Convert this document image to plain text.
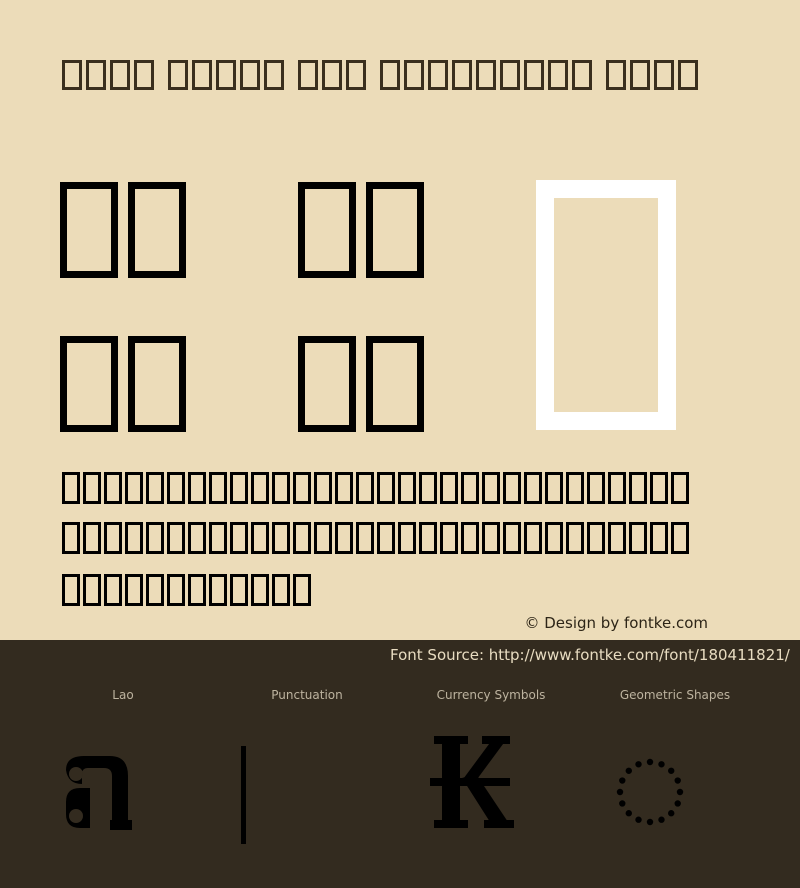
© Design by fontke.com
Font Source: http://www.fontke.com/font/180411821/
Lao	Punctuation	Currency Symbols	Geometric Shapes
